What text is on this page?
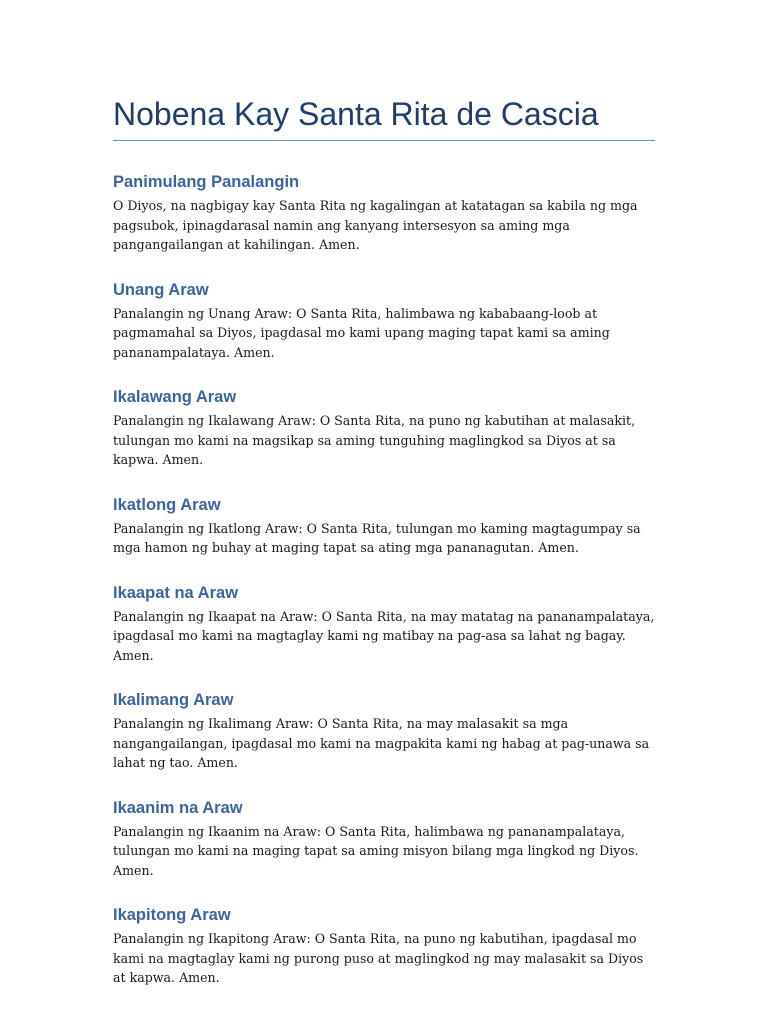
Nobena Kay Santa Rita de Cascia
Panimulang Panalangin

O Diyos, na nagbigay kay Santa Rita ng kagalingan at katatagan sa kabila ng mga pagsubok, ipinagdarasal namin ang kanyang intersesyon sa aming mga pangangailangan at kahilingan. Amen.

Unang Araw

Panalangin ng Unang Araw: O Santa Rita, halimbawa ng kababaang-loob at pagmamahal sa Diyos, ipagdasal mo kami upang maging tapat kami sa aming pananampalataya. Amen.

Ikalawang Araw

Panalangin ng Ikalawang Araw: O Santa Rita, na puno ng kabutihan at malasakit, tulungan mo kami na magsikap sa aming tunguhing maglingkod sa Diyos at sa kapwa. Amen.

Ikatlong Araw

Panalangin ng Ikatlong Araw: O Santa Rita, tulungan mo kaming magtagumpay sa mga hamon ng buhay at maging tapat sa ating mga pananagutan. Amen.

Ikaapat na Araw

Panalangin ng Ikaapat na Araw: O Santa Rita, na may matatag na pananampalataya, ipagdasal mo kami na magtaglay kami ng matibay na pag-asa sa lahat ng bagay. Amen.

Ikalimang Araw

Panalangin ng Ikalimang Araw: O Santa Rita, na may malasakit sa mga nangangailangan, ipagdasal mo kami na magpakita kami ng habag at pag-unawa sa lahat ng tao. Amen.

Ikaanim na Araw

Panalangin ng Ikaanim na Araw: O Santa Rita, halimbawa ng pananampalataya, tulungan mo kami na maging tapat sa aming misyon bilang mga lingkod ng Diyos. Amen.

Ikapitong Araw

Panalangin ng Ikapitong Araw: O Santa Rita, na puno ng kabutihan, ipagdasal mo kami na magtaglay kami ng purong puso at maglingkod ng may malasakit sa Diyos at kapwa. Amen.
